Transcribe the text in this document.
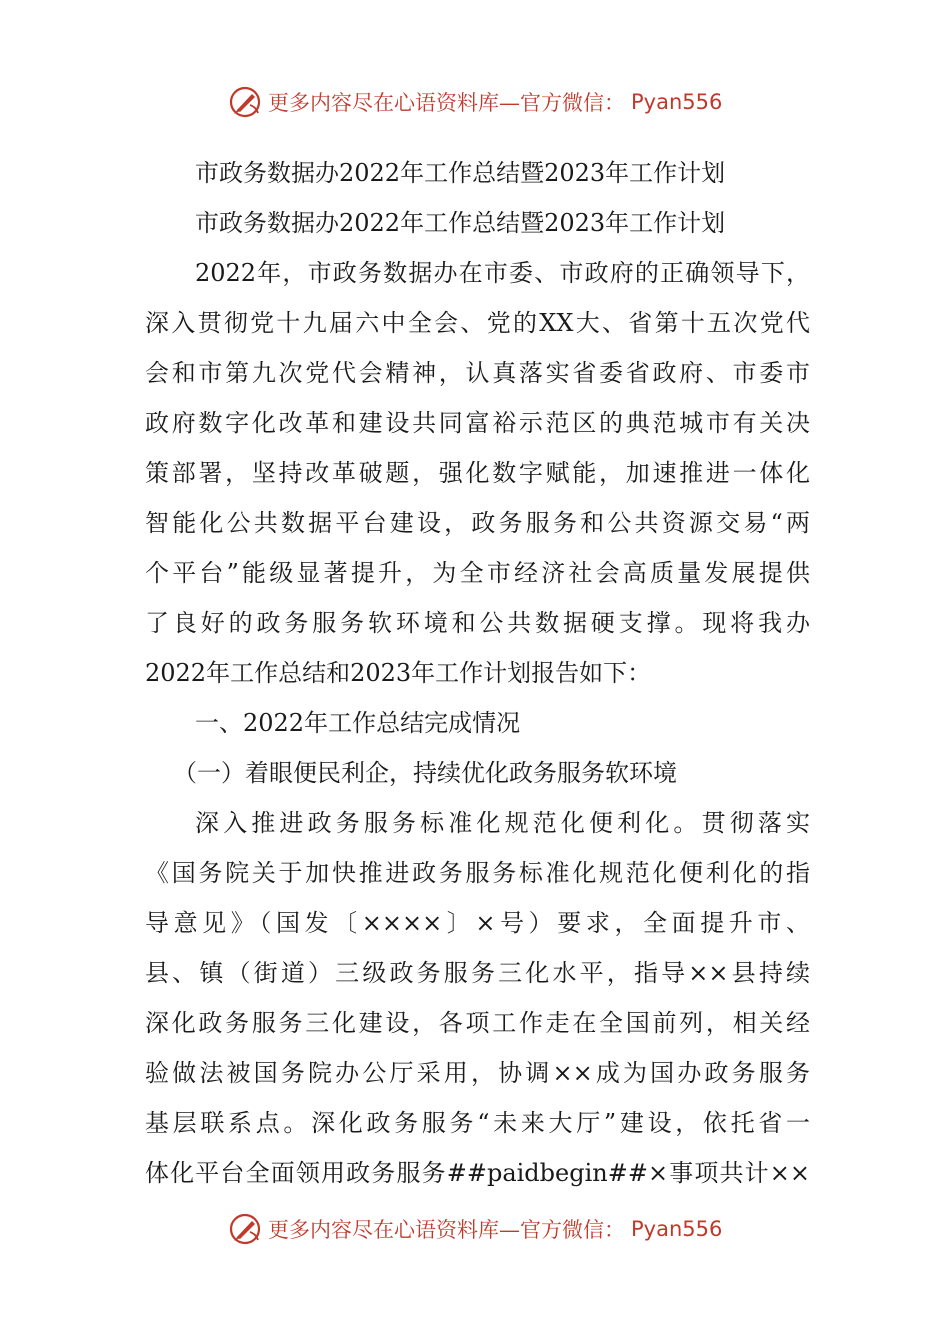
更多内容尽在心语资料库—官方微信： Pyan556
市政务数据办2022年工作总结暨2023年工作计划
市政务数据办2022年工作总结暨2023年工作计划
2022年，市政务数据办在市委、市政府的正确领导下，
深入贯彻党十九届六中全会、党的XX大、省第十五次党代
会和市第九次党代会精神，认真落实省委省政府、市委市
政府数字化改革和建设共同富裕示范区的典范城市有关决
策部署，坚持改革破题，强化数字赋能，加速推进一体化
智能化公共数据平台建设，政务服务和公共资源交易“两
个平台”能级显著提升，为全市经济社会高质量发展提供
了良好的政务服务软环境和公共数据硬支撑。现将我办
2022年工作总结和2023年工作计划报告如下：
一、2022年工作总结完成情况
（一）着眼便民利企，持续优化政务服务软环境
深入推进政务服务标准化规范化便利化。贯彻落实
《国务院关于加快推进政务服务标准化规范化便利化的指
导意见》（国发〔××××〕×号）要求，全面提升市、
县、镇（街道）三级政务服务三化水平，指导××县持续
深化政务服务三化建设，各项工作走在全国前列，相关经
验做法被国务院办公厅采用，协调××成为国办政务服务
基层联系点。深化政务服务“未来大厅”建设，依托省一
体化平台全面领用政务服务##paidbegin##×事项共计××
更多内容尽在心语资料库—官方微信： Pyan556
